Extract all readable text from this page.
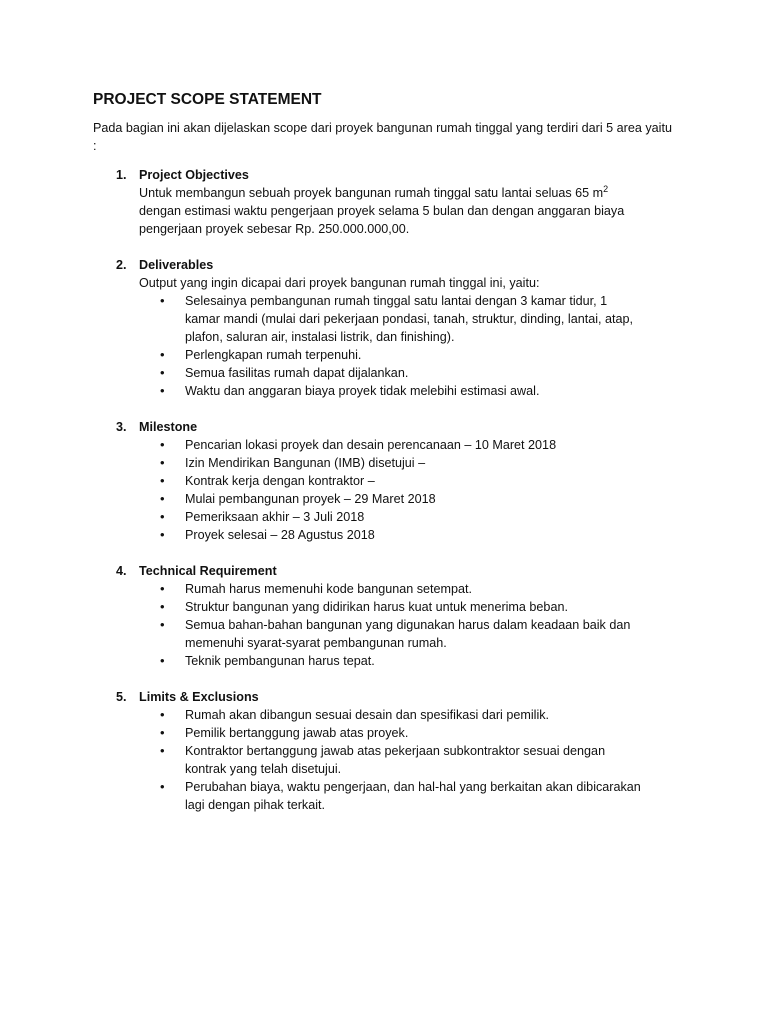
PROJECT SCOPE STATEMENT
Pada bagian ini akan dijelaskan scope dari proyek bangunan rumah tinggal yang terdiri dari 5 area yaitu :
1. Project Objectives
Untuk membangun sebuah proyek bangunan rumah tinggal satu lantai seluas 65 $m^2$ dengan estimasi waktu pengerjaan proyek selama 5 bulan dan dengan anggaran biaya pengerjaan proyek sebesar Rp. 250.000.000,00.
2. Deliverables
Output yang ingin dicapai dari proyek bangunan rumah tinggal ini, yaitu:
• Selesainya pembangunan rumah tinggal satu lantai dengan 3 kamar tidur, 1 kamar mandi (mulai dari pekerjaan pondasi, tanah, struktur, dinding, lantai, atap, plafon, saluran air, instalasi listrik, dan finishing).
• Perlengkapan rumah terpenuhi.
• Semua fasilitas rumah dapat dijalankan.
• Waktu dan anggaran biaya proyek tidak melebihi estimasi awal.
3. Milestone
• Pencarian lokasi proyek dan desain perencanaan – 10 Maret 2018
• Izin Mendirikan Bangunan (IMB) disetujui –
• Kontrak kerja dengan kontraktor –
• Mulai pembangunan proyek – 29 Maret 2018
• Pemeriksaan akhir – 3 Juli 2018
• Proyek selesai – 28 Agustus 2018
4. Technical Requirement
• Rumah harus memenuhi kode bangunan setempat.
• Struktur bangunan yang didirikan harus kuat untuk menerima beban.
• Semua bahan-bahan bangunan yang digunakan harus dalam keadaan baik dan memenuhi syarat-syarat pembangunan rumah.
• Teknik pembangunan harus tepat.
5. Limits & Exclusions
• Rumah akan dibangun sesuai desain dan spesifikasi dari pemilik.
• Pemilik bertanggung jawab atas proyek.
• Kontraktor bertanggung jawab atas pekerjaan subkontraktor sesuai dengan kontrak yang telah disetujui.
• Perubahan biaya, waktu pengerjaan, dan hal-hal yang berkaitan akan dibicarakan lagi dengan pihak terkait.
